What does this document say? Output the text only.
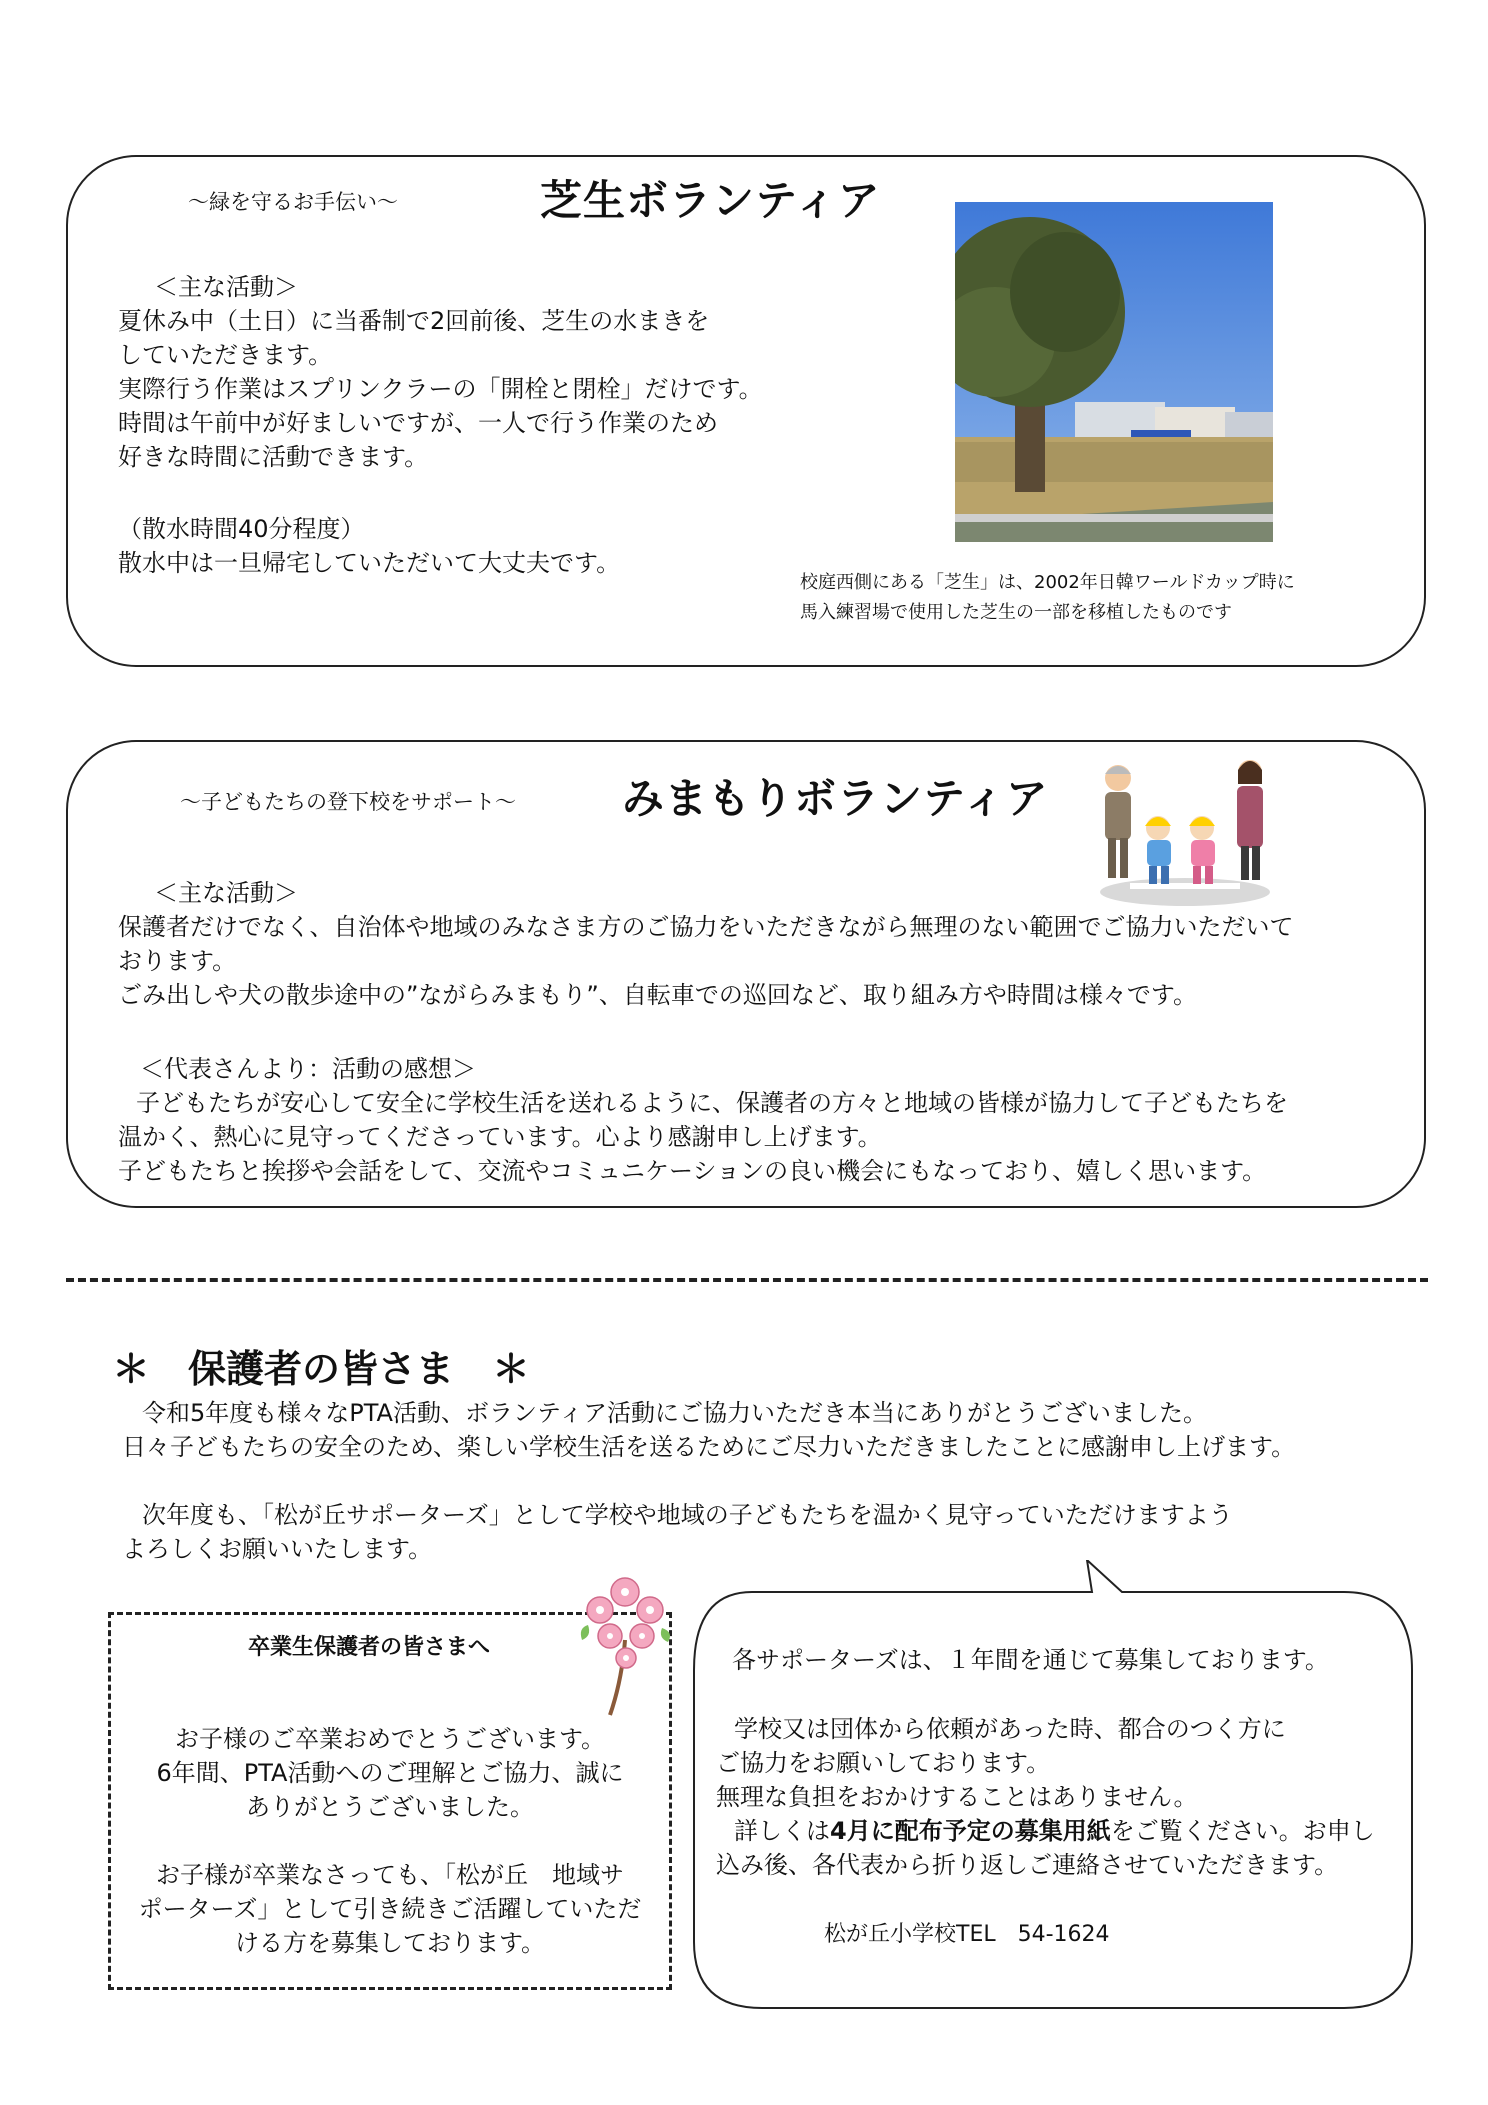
～緑を守るお手伝い～	芝生ボランティア
＜主な活動＞
夏休み中（土日）に当番制で2回前後、芝生の水まきを
していただきます。
実際行う作業はスプリンクラーの「開栓と閉栓」だけです。
時間は午前中が好ましいですが、一人で行う作業のため
好きな時間に活動できます。
（散水時間40分程度）
散水中は一旦帰宅していただいて大丈夫です。
校庭西側にある「芝生」は、2002年日韓ワールドカップ時に
馬入練習場で使用した芝生の一部を移植したものです
～子どもたちの登下校をサポート～	みまもりボランティア
＜主な活動＞
保護者だけでなく、自治体や地域のみなさま方のご協力をいただきながら無理のない範囲でご協力いただいて
おります。
ごみ出しや犬の散歩途中の”ながらみまもり”、自転車での巡回など、取り組み方や時間は様々です。
＜代表さんより：活動の感想＞
子どもたちが安心して安全に学校生活を送れるように、保護者の方々と地域の皆様が協力して子どもたちを
温かく、熱心に見守ってくださっています。心より感謝申し上げます。
子どもたちと挨拶や会話をして、交流やコミュニケーションの良い機会にもなっており、嬉しく思います。
＊　保護者の皆さま　＊
令和5年度も様々なPTA活動、ボランティア活動にご協力いただき本当にありがとうございました。
日々子どもたちの安全のため、楽しい学校生活を送るためにご尽力いただきましたことに感謝申し上げます。
次年度も、「松が丘サポーターズ」として学校や地域の子どもたちを温かく見守っていただけますよう
よろしくお願いいたします。
卒業生保護者の皆さまへ
お子様のご卒業おめでとうございます。
6年間、PTA活動へのご理解とご協力、誠に
ありがとうございました。
お子様が卒業なさっても、「松が丘　地域サ
ポーターズ」として引き続きご活躍していただ
ける方を募集しております。
各サポーターズは、１年間を通じて募集しております。
学校又は団体から依頼があった時、都合のつく方に
ご協力をお願いしております。
無理な負担をおかけすることはありません。
詳しくは4月に配布予定の募集用紙をご覧ください。お申し
込み後、各代表から折り返しご連絡させていただきます。
松が丘小学校TEL　54-1624
